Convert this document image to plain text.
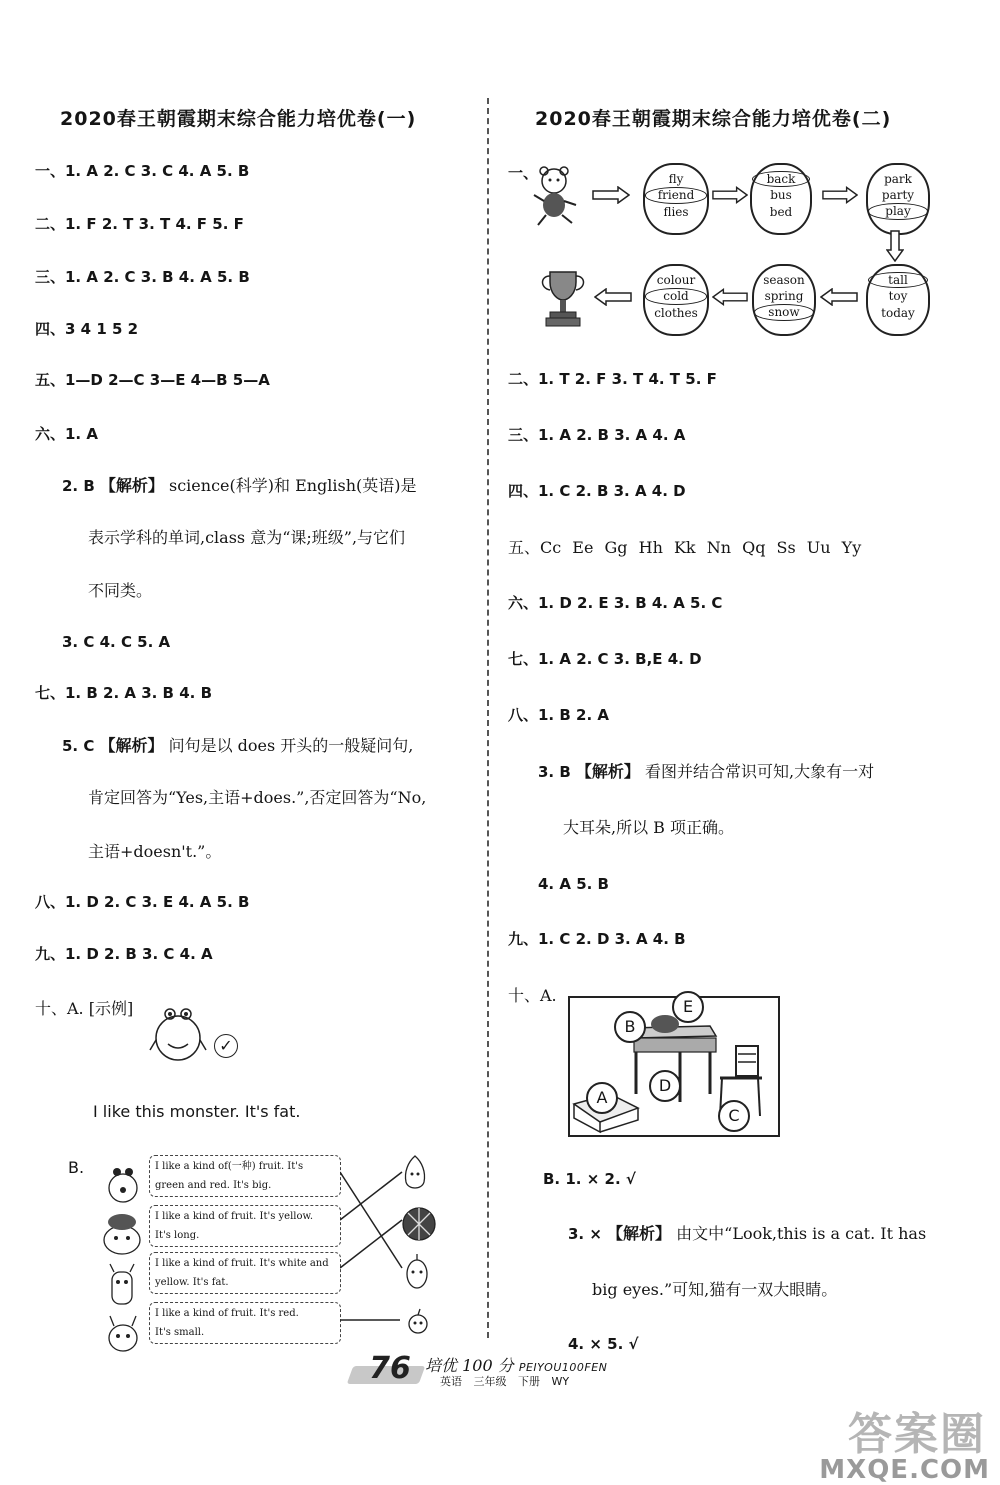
2020春王朝霞期末综合能力培优卷(一)
一、1. A 2. C 3. C 4. A 5. B
二、1. F 2. T 3. T 4. F 5. F
三、1. A 2. C 3. B 4. A 5. B
四、3 4 1 5 2
五、1—D 2—C 3—E 4—B 5—A
六、1. A
2. B 【解析】 science(科学)和 English(英语)是
表示学科的单词,class 意为“课;班级”,与它们
不同类。
3. C 4. C 5. A
七、1. B 2. A 3. B 4. B
5. C 【解析】 问句是以 does 开头的一般疑问句,
肯定回答为“Yes,主语+does.”,否定回答为“No,
主语+doesn't.”。
八、1. D 2. C 3. E 4. A 5. B
九、1. D 2. B 3. C 4. A
十、A. [示例]
✓
I like this monster. It's fat.
B.	I like a kind of(一种) fruit. It's
green and red. It's big.
I like a kind of fruit. It's yellow.
It's long.
I like a kind of fruit. It's white and
yellow. It's fat.
I like a kind of fruit. It's red.
It's small.
2020春王朝霞期末综合能力培优卷(二)
一、	fly
friend
flies
back
bus
bed
park
party
play
tall
toy
today
season
spring
snow
colour
cold
clothes
二、1. T 2. F 3. T 4. T 5. F
三、1. A 2. B 3. A 4. A
四、1. C 2. B 3. A 4. D
五、Cc Ee Gg Hh Kk Nn Qq Ss Uu Yy
六、1. D 2. E 3. B 4. A 5. C
七、1. A 2. C 3. B,E 4. D
八、1. B 2. A
3. B 【解析】 看图并结合常识可知,大象有一对
大耳朵,所以 B 项正确。
4. A 5. B
九、1. C 2. D 3. A 4. B
十、A.
A
B
C
D
E
B. 1. × 2. √
3. × 【解析】 由文中“Look,this is a cat. It has
big eyes.”可知,猫有一双大眼睛。
4. × 5. √
76 培优 100 分 PEIYOU100FEN
英语 三年级 下册 WY
答案圈
MXQE.COM
